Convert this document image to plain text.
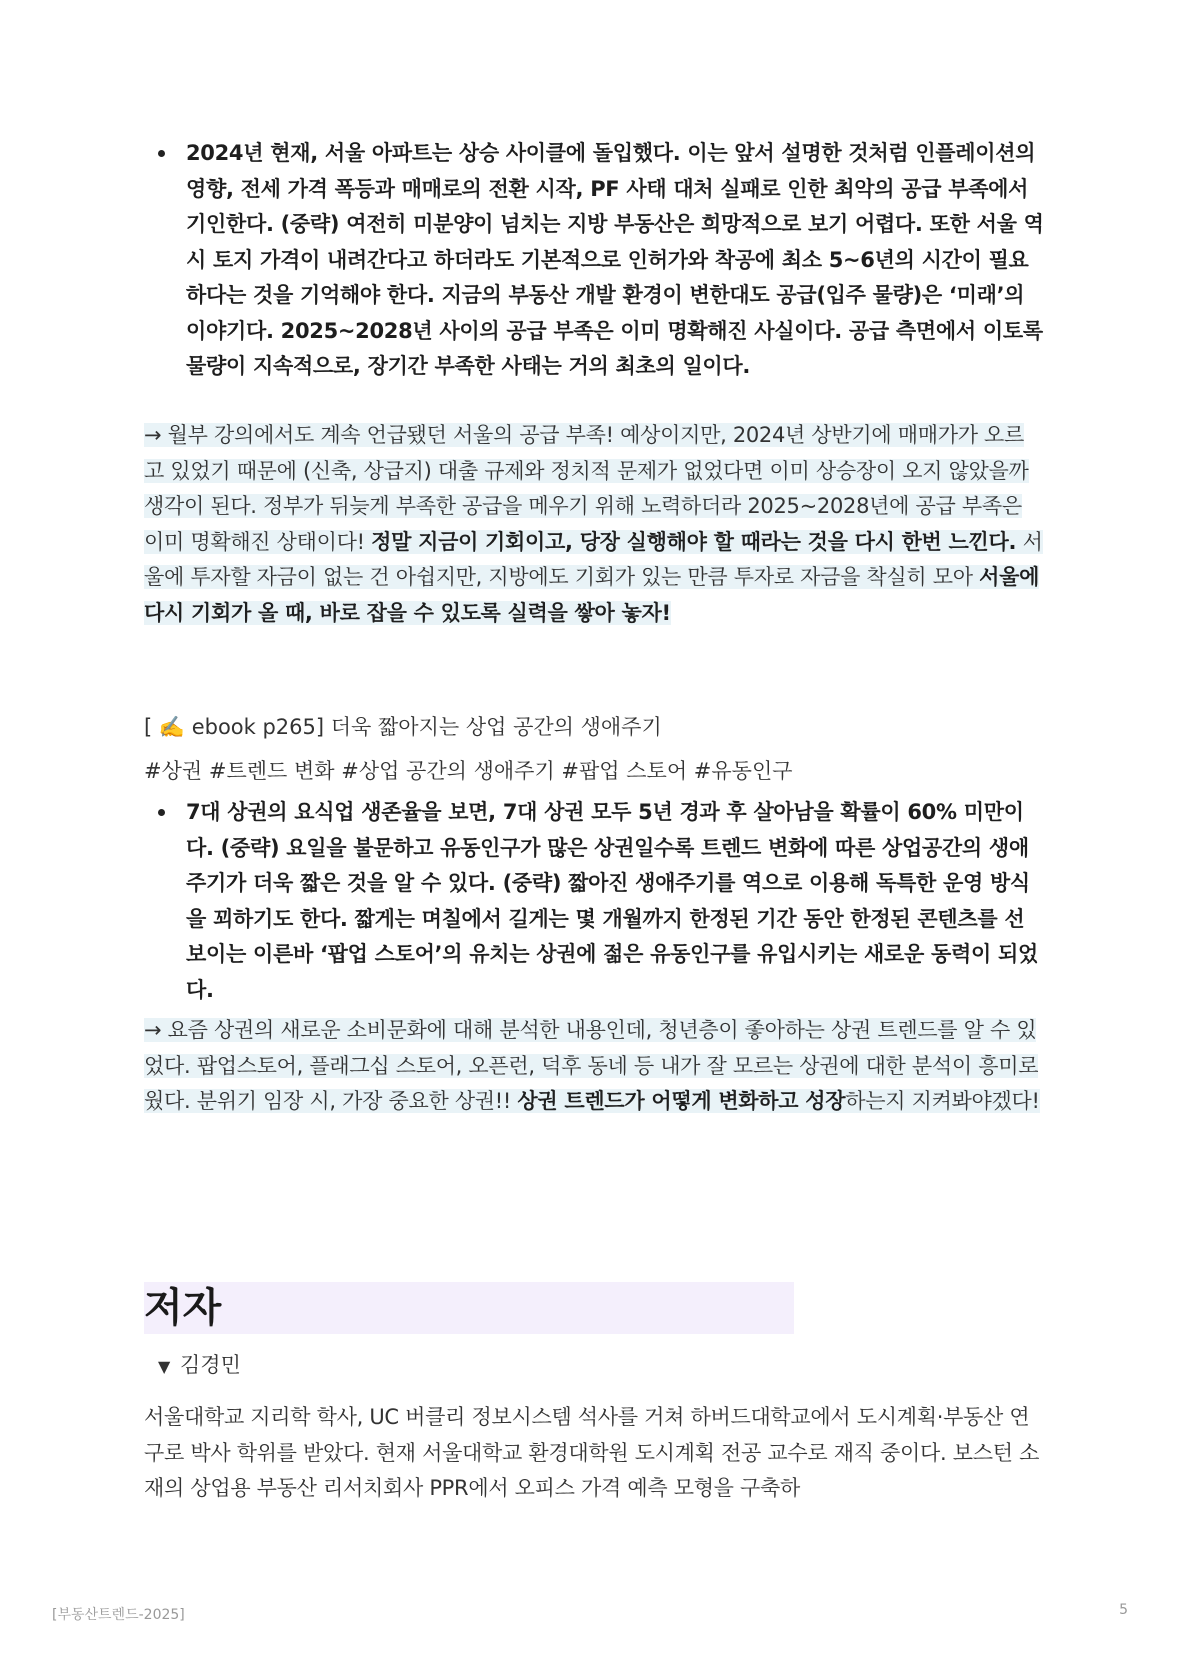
2024년 현재, 서울 아파트는 상승 사이클에 돌입했다. 이는 앞서 설명한 것처럼 인플레이션의 영향, 전세 가격 폭등과 매매로의 전환 시작, PF 사태 대처 실패로 인한 최악의 공급 부족에서 기인한다. (중략) 여전히 미분양이 넘치는 지방 부동산은 희망적으로 보기 어렵다. 또한 서울 역시 토지 가격이 내려간다고 하더라도 기본적으로 인허가와 착공에 최소 5~6년의 시간이 필요하다는 것을 기억해야 한다. 지금의 부동산 개발 환경이 변한대도 공급(입주 물량)은 ‘미래’의 이야기다. 2025~2028년 사이의 공급 부족은 이미 명확해진 사실이다. 공급 측면에서 이토록 물량이 지속적으로, 장기간 부족한 사태는 거의 최초의 일이다.

→ 월부 강의에서도 계속 언급됐던 서울의 공급 부족! 예상이지만, 2024년 상반기에 매매가가 오르고 있었기 때문에 (신축, 상급지) 대출 규제와 정치적 문제가 없었다면 이미 상승장이 오지 않았을까 생각이 된다. 정부가 뒤늦게 부족한 공급을 메우기 위해 노력하더라 2025~2028년에 공급 부족은 이미 명확해진 상태이다! 정말 지금이 기회이고, 당장 실행해야 할 때라는 것을 다시 한번 느낀다. 서울에 투자할 자금이 없는 건 아쉽지만, 지방에도 기회가 있는 만큼 투자로 자금을 착실히 모아 서울에 다시 기회가 올 때, 바로 잡을 수 있도록 실력을 쌓아 놓자!

[ ✍️ ebook p265] 더욱 짧아지는 상업 공간의 생애주기

#상권 #트렌드 변화 #상업 공간의 생애주기 #팝업 스토어 #유동인구

7대 상권의 요식업 생존율을 보면, 7대 상권 모두 5년 경과 후 살아남을 확률이 60% 미만이다. (중략) 요일을 불문하고 유동인구가 많은 상권일수록 트렌드 변화에 따른 상업공간의 생애주기가 더욱 짧은 것을 알 수 있다. (중략) 짧아진 생애주기를 역으로 이용해 독특한 운영 방식을 꾀하기도 한다. 짧게는 며칠에서 길게는 몇 개월까지 한정된 기간 동안 한정된 콘텐츠를 선보이는 이른바 ‘팝업 스토어’의 유치는 상권에 젊은 유동인구를 유입시키는 새로운 동력이 되었다.

→ 요즘 상권의 새로운 소비문화에 대해 분석한 내용인데, 청년층이 좋아하는 상권 트렌드를 알 수 있었다. 팝업스토어, 플래그십 스토어, 오픈런, 덕후 동네 등 내가 잘 모르는 상권에 대한 분석이 흥미로웠다. 분위기 임장 시, 가장 중요한 상권!! 상권 트렌드가 어떻게 변화하고 성장하는지 지켜봐야겠다!

저자
▼ 김경민

서울대학교 지리학 학사, UC 버클리 정보시스템 석사를 거쳐 하버드대학교에서 도시계획·부동산 연구로 박사 학위를 받았다. 현재 서울대학교 환경대학원 도시계획 전공 교수로 재직 중이다. 보스턴 소재의 상업용 부동산 리서치회사 PPR에서 오피스 가격 예측 모형을 구축하

[부동산트렌드-2025]	5
